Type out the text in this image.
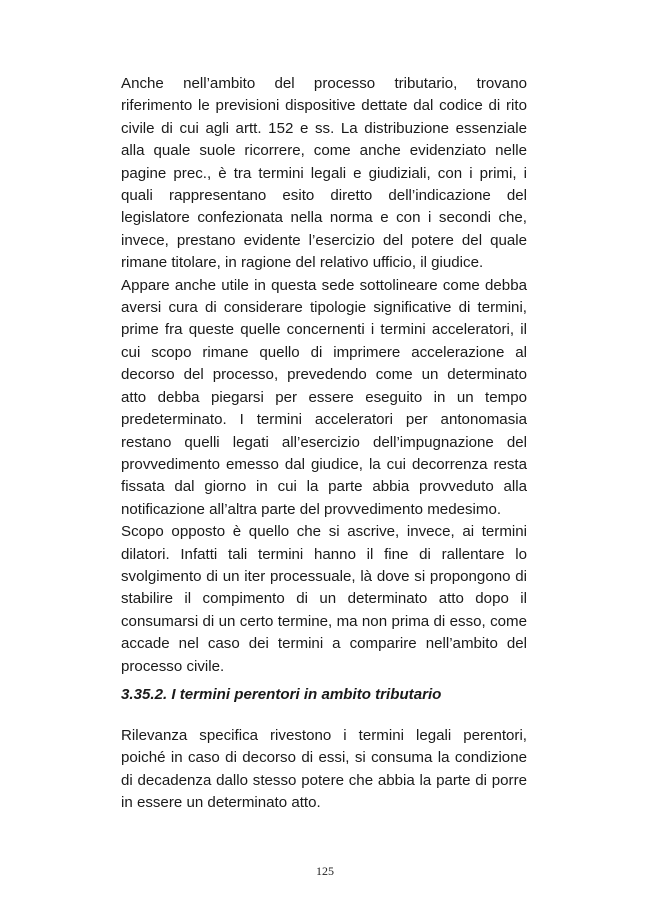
Anche nell’ambito del processo tributario, trovano riferimento le previsioni dispositive dettate dal codice di rito civile di cui agli artt. 152 e ss. La distribuzione essenziale alla quale suole ricorrere, come anche evidenziato nelle pagine prec., è tra termini legali e giudiziali, con i primi, i quali rappresentano esito diretto dell’indicazione del legislatore confezionata nella norma e con i secondi che, invece, prestano evidente l’esercizio del potere del quale rimane titolare, in ragione del relativo ufficio, il giudice.

Appare anche utile in questa sede sottolineare come debba aversi cura di considerare tipologie significative di termini, prime fra queste quelle concernenti i termini acceleratori, il cui scopo rimane quello di imprimere accelerazione al decorso del processo, prevedendo come un determinato atto debba piegarsi per essere eseguito in un tempo predeterminato. I termini acceleratori per antonomasia restano quelli legati all’esercizio dell’impugnazione del provvedimento emesso dal giudice, la cui decorrenza resta fissata dal giorno in cui la parte abbia provveduto alla notificazione all’altra parte del provvedimento medesimo.

Scopo opposto è quello che si ascrive, invece, ai termini dilatori. Infatti tali termini hanno il fine di rallentare lo svolgimento di un iter processuale, là dove si propongono di stabilire il compimento di un determinato atto dopo il consumarsi di un certo termine, ma non prima di esso, come accade nel caso dei termini a comparire nell’ambito del processo civile.

3.35.2. I termini perentori in ambito tributario

Rilevanza specifica rivestono i termini legali perentori, poiché in caso di decorso di essi, si consuma la condizione di decadenza dallo stesso potere che abbia la parte di porre in essere un determinato atto.

125
